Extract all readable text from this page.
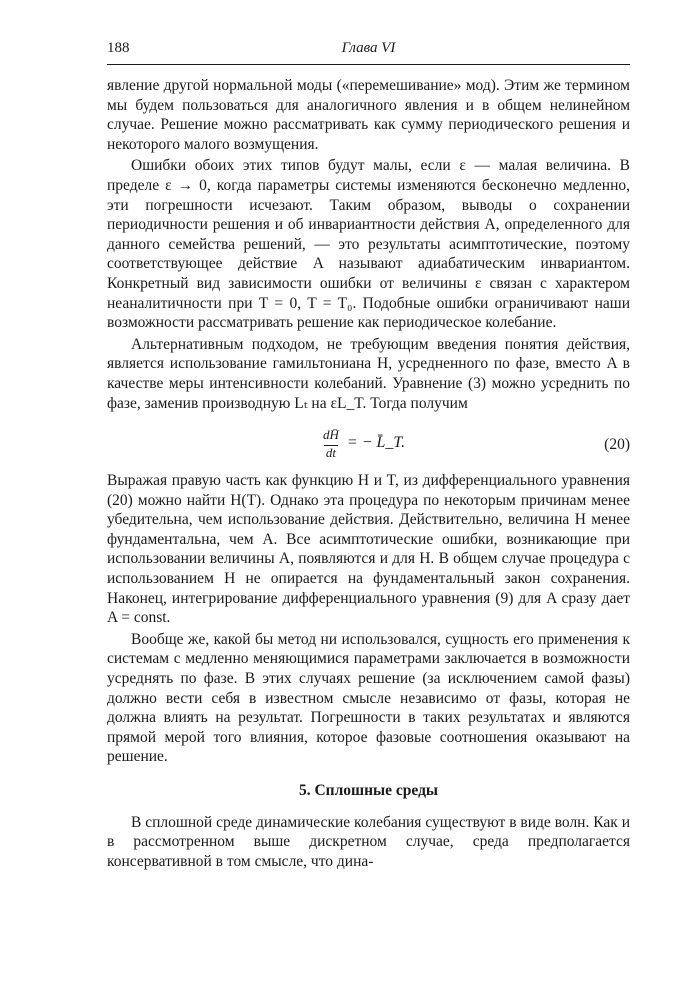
188	Глава VI

явление другой нормальной моды («перемешивание» мод). Этим же термином мы будем пользоваться для аналогичного явления и в общем нелинейном случае. Решение можно рассматривать как сумму периодического решения и некоторого малого возмущения.

Ошибки обоих этих типов будут малы, если ε — малая величина. В пределе ε → 0, когда параметры системы изменяются бесконечно медленно, эти погрешности исчезают. Таким образом, выводы о сохранении периодичности решения и об инвариантности действия A, определенного для данного семейства решений, — это результаты асимптотические, поэтому соответствующее действие A называют адиабатическим инвариантом. Конкретный вид зависимости ошибки от величины ε связан с характером неаналитичности при T = 0, T = T₀. Подобные ошибки ограничивают наши возможности рассматривать решение как периодическое колебание.

Альтернативным подходом, не требующим введения понятия действия, является использование гамильтониана H, усредненного по фазе, вместо A в качестве меры интенсивности колебаний. Уравнение (3) можно усреднить по фазе, заменив производную Lₜ на εL_T. Тогда получим

$\frac{dH̄}{dt}$ = − L̄_T.	(20)

Выражая правую часть как функцию H и T, из дифференциального уравнения (20) можно найти H(T). Однако эта процедура по некоторым причинам менее убедительна, чем использование действия. Действительно, величина H менее фундаментальна, чем A. Все асимптотические ошибки, возникающие при использовании величины A, появляются и для H. В общем случае процедура с использованием H не опирается на фундаментальный закон сохранения. Наконец, интегрирование дифференциального уравнения (9) для A сразу дает A = const.

Вообще же, какой бы метод ни использовался, сущность его применения к системам с медленно меняющимися параметрами заключается в возможности усреднять по фазе. В этих случаях решение (за исключением самой фазы) должно вести себя в известном смысле независимо от фазы, которая не должна влиять на результат. Погрешности в таких результатах и являются прямой мерой того влияния, которое фазовые соотношения оказывают на решение.

5. Сплошные среды

В сплошной среде динамические колебания существуют в виде волн. Как и в рассмотренном выше дискретном случае, среда предполагается консервативной в том смысле, что дина-
